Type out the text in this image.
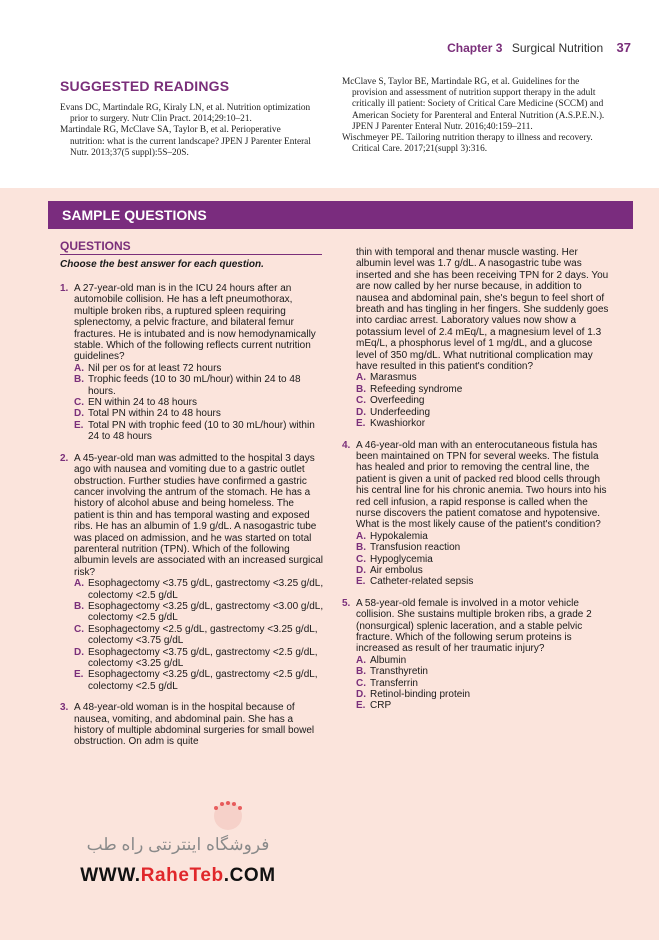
Chapter 3 Surgical Nutrition 37
SUGGESTED READINGS

Evans DC, Martindale RG, Kiraly LN, et al. Nutrition optimization prior to surgery. Nutr Clin Pract. 2014;29:10–21.

Martindale RG, McClave SA, Taylor B, et al. Perioperative nutrition: what is the current landscape? JPEN J Parenter Enteral Nutr. 2013;37(5 suppl):5S–20S.

McClave S, Taylor BE, Martindale RG, et al. Guidelines for the provision and assessment of nutrition support therapy in the adult critically ill patient: Society of Critical Care Medicine (SCCM) and American Society for Parenteral and Enteral Nutrition (A.S.P.E.N.). JPEN J Parenter Enteral Nutr. 2016;40:159–211.

Wischmeyer PE. Tailoring nutrition therapy to illness and recovery. Critical Care. 2017;21(suppl 3):316.

SAMPLE QUESTIONS
QUESTIONS
Choose the best answer for each question.
1. A 27-year-old man is in the ICU 24 hours after an automobile collision. He has a left pneumothorax, multiple broken ribs, a ruptured spleen requiring splenectomy, a pelvic fracture, and bilateral femur fractures. He is intubated and is now hemodynamically stable. Which of the following reflects current nutrition guidelines?
A. Nil per os for at least 72 hours
B. Trophic feeds (10 to 30 mL/hour) within 24 to 48 hours.
C. EN within 24 to 48 hours
D. Total PN within 24 to 48 hours
E. Total PN with trophic feed (10 to 30 mL/hour) within 24 to 48 hours
2. A 45-year-old man was admitted to the hospital 3 days ago with nausea and vomiting due to a gastric outlet obstruction. Further studies have confirmed a gastric cancer involving the antrum of the stomach. He has a history of alcohol abuse and being homeless. The patient is thin and has temporal wasting and exposed ribs. He has an albumin of 1.9 g/dL. A nasogastric tube was placed on admission, and he was started on total parenteral nutrition (TPN). Which of the following albumin levels are associated with an increased surgical risk?
A. Esophagectomy <3.75 g/dL, gastrectomy <3.25 g/dL, colectomy <2.5 g/dL
B. Esophagectomy <3.25 g/dL, gastrectomy <3.00 g/dL, colectomy <2.5 g/dL
C. Esophagectomy <2.5 g/dL, gastrectomy <3.25 g/dL, colectomy <3.75 g/dL
D. Esophagectomy <3.75 g/dL, gastrectomy <2.5 g/dL, colectomy <3.25 g/dL
E. Esophagectomy <3.25 g/dL, gastrectomy <2.5 g/dL, colectomy <2.5 g/dL
3. A 48-year-old woman is in the hospital because of nausea, vomiting, and abdominal pain. She has a history of multiple abdominal surgeries for small bowel obstruction. On adm is quite
thin with temporal and thenar muscle wasting. Her albumin level was 1.7 g/dL. A nasogastric tube was inserted and she has been receiving TPN for 2 days. You are now called by her nurse because, in addition to nausea and abdominal pain, she's begun to feel short of breath and has tingling in her fingers. She suddenly goes into cardiac arrest. Laboratory values now show a potassium level of 2.4 mEq/L, a magnesium level of 1.3 mEq/L, a phosphorus level of 1 mg/dL, and a glucose level of 350 mg/dL. What nutritional complication may have resulted in this patient's condition?
A. Marasmus
B. Refeeding syndrome
C. Overfeeding
D. Underfeeding
E. Kwashiorkor
4. A 46-year-old man with an enterocutaneous fistula has been maintained on TPN for several weeks. The fistula has healed and prior to removing the central line, the patient is given a unit of packed red blood cells through his central line for his chronic anemia. Two hours into his red cell infusion, a rapid response is called when the nurse discovers the patient comatose and hypotensive. What is the most likely cause of the patient's condition?
A. Hypokalemia
B. Transfusion reaction
C. Hypoglycemia
D. Air embolus
E. Catheter-related sepsis
5. A 58-year-old female is involved in a motor vehicle collision. She sustains multiple broken ribs, a grade 2 (nonsurgical) splenic laceration, and a stable pelvic fracture. Which of the following serum proteins is increased as result of her traumatic injury?
A. Albumin
B. Transthyretin
C. Transferrin
D. Retinol-binding protein
E. CRP
فروشگاه اینترنتی راه طب
WWW.RaheTeb.COM
